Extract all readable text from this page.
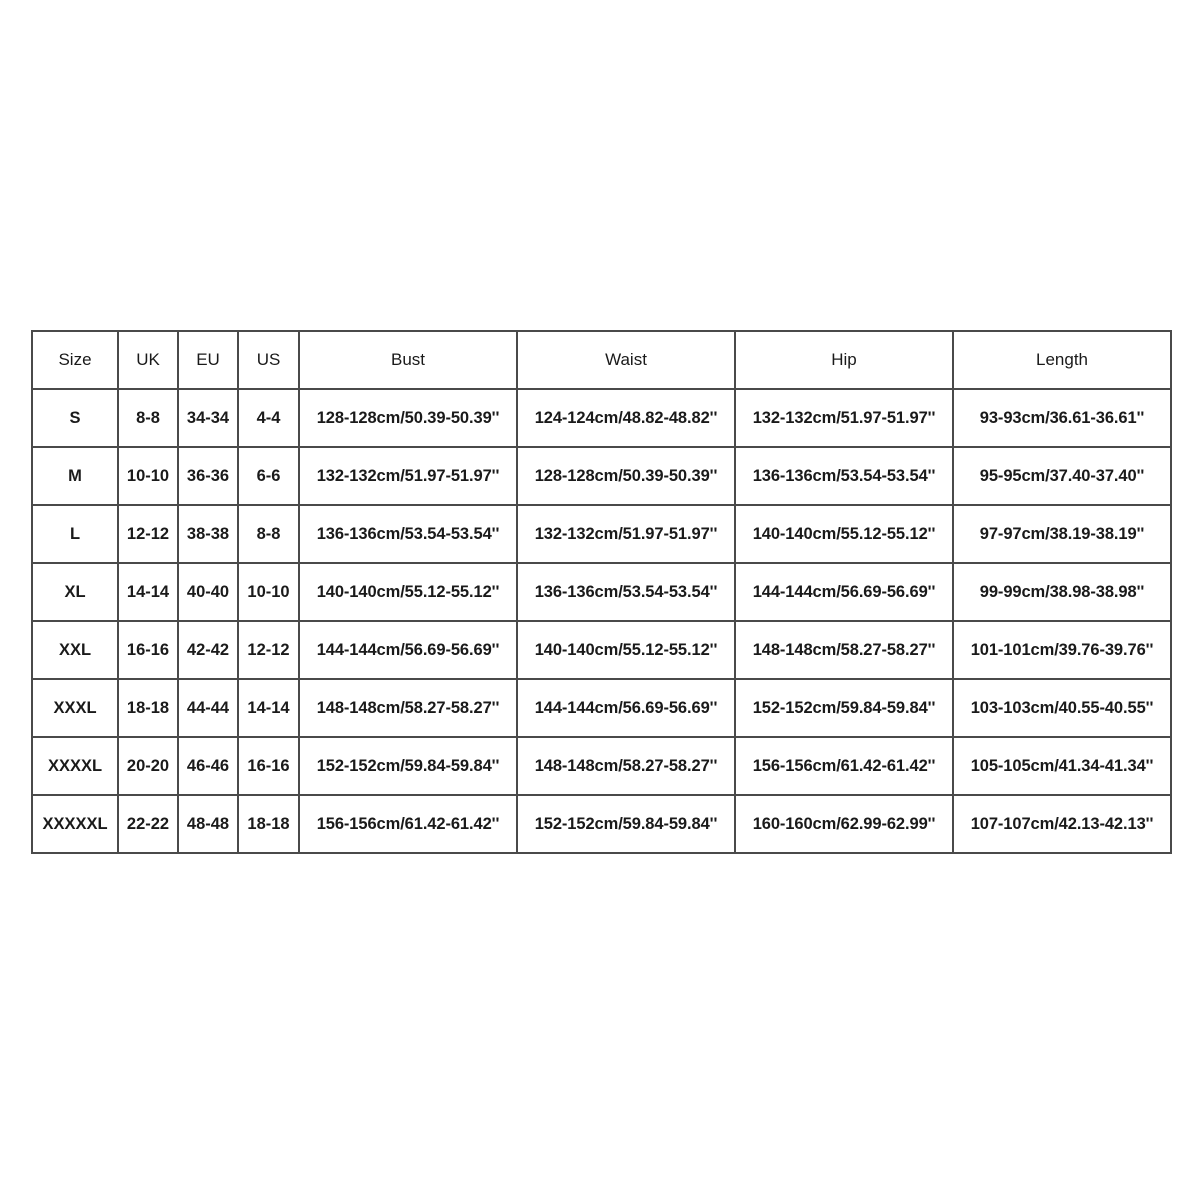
Size	UK	EU	US	Bust	Waist	Hip	Length
S	8-8	34-34	4-4	128-128cm/50.39-50.39''	124-124cm/48.82-48.82''	132-132cm/51.97-51.97''	93-93cm/36.61-36.61''
M	10-10	36-36	6-6	132-132cm/51.97-51.97''	128-128cm/50.39-50.39''	136-136cm/53.54-53.54''	95-95cm/37.40-37.40''
L	12-12	38-38	8-8	136-136cm/53.54-53.54''	132-132cm/51.97-51.97''	140-140cm/55.12-55.12''	97-97cm/38.19-38.19''
XL	14-14	40-40	10-10	140-140cm/55.12-55.12''	136-136cm/53.54-53.54''	144-144cm/56.69-56.69''	99-99cm/38.98-38.98''
XXL	16-16	42-42	12-12	144-144cm/56.69-56.69''	140-140cm/55.12-55.12''	148-148cm/58.27-58.27''	101-101cm/39.76-39.76''
XXXL	18-18	44-44	14-14	148-148cm/58.27-58.27''	144-144cm/56.69-56.69''	152-152cm/59.84-59.84''	103-103cm/40.55-40.55''
XXXXL	20-20	46-46	16-16	152-152cm/59.84-59.84''	148-148cm/58.27-58.27''	156-156cm/61.42-61.42''	105-105cm/41.34-41.34''
XXXXXL	22-22	48-48	18-18	156-156cm/61.42-61.42''	152-152cm/59.84-59.84''	160-160cm/62.99-62.99''	107-107cm/42.13-42.13''
